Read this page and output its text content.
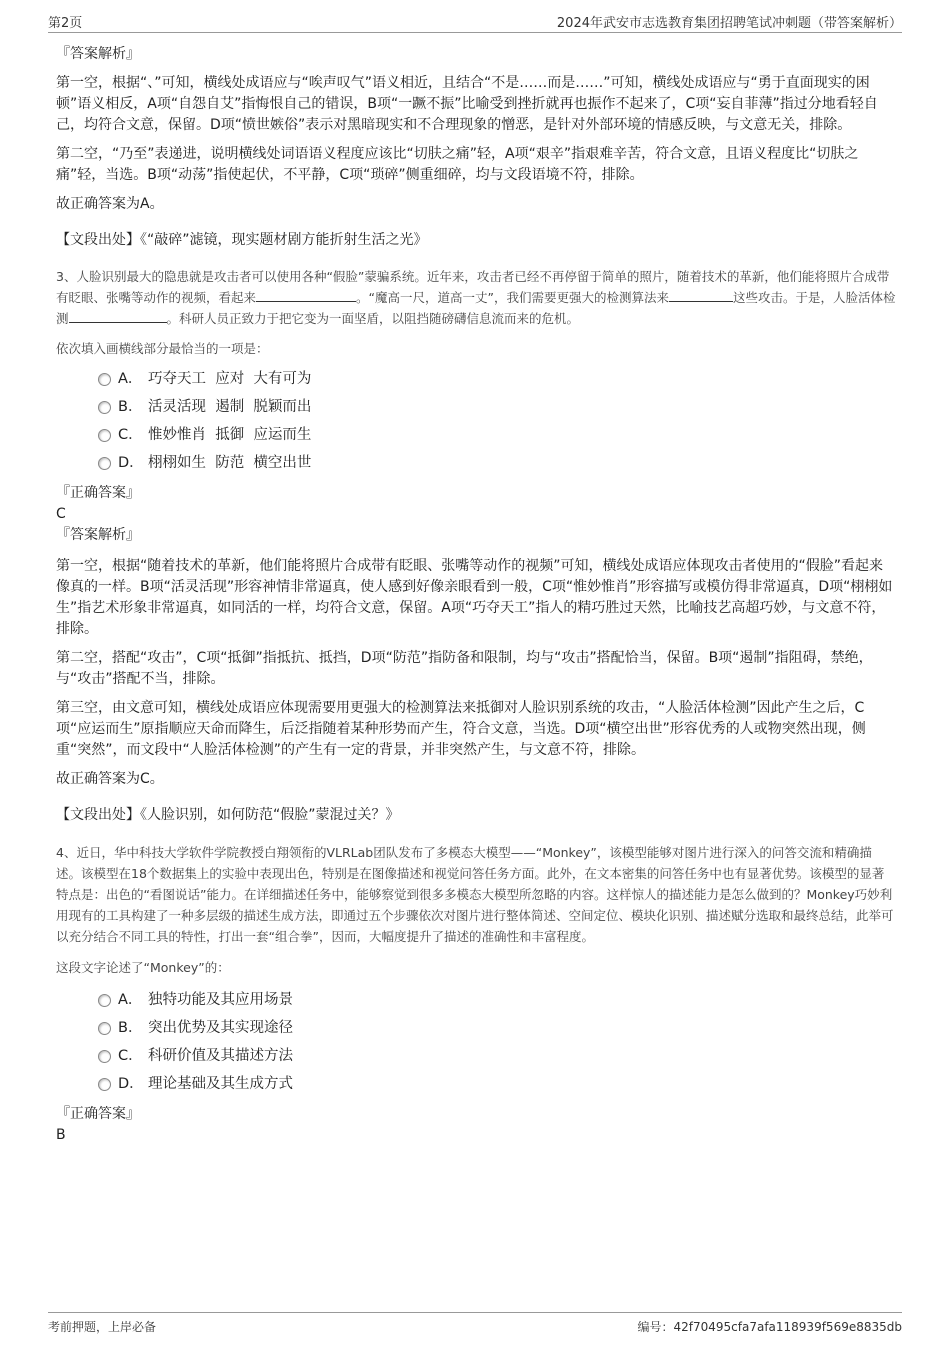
第2页	2024年武安市志选教育集团招聘笔试冲刺题（带答案解析）

『答案解析』

第一空，根据“、”可知，横线处成语应与“唉声叹气”语义相近，且结合“不是……而是……”可知，横线处成语应与“勇于直面现实的困顿”语义相反，A项“自怨自艾”指悔恨自己的错误，B项“一蹶不振”比喻受到挫折就再也振作不起来了，C项“妄自菲薄”指过分地看轻自己，均符合文意，保留。D项“愤世嫉俗”表示对黑暗现实和不合理现象的憎恶，是针对外部环境的情感反映，与文意无关，排除。

第二空，“乃至”表递进，说明横线处词语语义程度应该比“切肤之痛”轻，A项“艰辛”指艰难辛苦，符合文意，且语义程度比“切肤之痛”轻，当选。B项“动荡”指使起伏，不平静，C项“琐碎”侧重细碎，均与文段语境不符，排除。

故正确答案为A。

【文段出处】《“敲碎”滤镜，现实题材剧方能折射生活之光》

3、人脸识别最大的隐患就是攻击者可以使用各种“假脸”蒙骗系统。近年来，攻击者已经不再停留于简单的照片，随着技术的革新，他们能将照片合成带有眨眼、张嘴等动作的视频，看起来	。“魔高一尺，道高一丈”，我们需要更强大的检测算法来	这些攻击。于是，人脸活体检测	。科研人员正致力于把它变为一面坚盾，以阻挡随磅礴信息流而来的危机。

依次填入画横线部分最恰当的一项是：

A． 巧夺天工  应对  大有可为
B． 活灵活现  遏制  脱颖而出
C． 惟妙惟肖  抵御  应运而生
D． 栩栩如生  防范  横空出世

『正确答案』

C

『答案解析』

第一空，根据“随着技术的革新，他们能将照片合成带有眨眼、张嘴等动作的视频”可知，横线处成语应体现攻击者使用的“假脸”看起来像真的一样。B项“活灵活现”形容神情非常逼真，使人感到好像亲眼看到一般，C项“惟妙惟肖”形容描写或模仿得非常逼真，D项“栩栩如生”指艺术形象非常逼真，如同活的一样，均符合文意，保留。A项“巧夺天工”指人的精巧胜过天然，比喻技艺高超巧妙，与文意不符，排除。

第二空，搭配“攻击”，C项“抵御”指抵抗、抵挡，D项“防范”指防备和限制，均与“攻击”搭配恰当，保留。B项“遏制”指阻碍，禁绝，与“攻击”搭配不当，排除。

第三空，由文意可知，横线处成语应体现需要用更强大的检测算法来抵御对人脸识别系统的攻击，“人脸活体检测”因此产生之后，C项“应运而生”原指顺应天命而降生，后泛指随着某种形势而产生，符合文意，当选。D项“横空出世”形容优秀的人或物突然出现，侧重“突然”，而文段中“人脸活体检测”的产生有一定的背景，并非突然产生，与文意不符，排除。

故正确答案为C。

【文段出处】《人脸识别，如何防范“假脸”蒙混过关？》

4、近日，华中科技大学软件学院教授白翔领衔的VLRLab团队发布了多模态大模型——“Monkey”，该模型能够对图片进行深入的问答交流和精确描述。该模型在18个数据集上的实验中表现出色，特别是在图像描述和视觉问答任务方面。此外，在文本密集的问答任务中也有显著优势。该模型的显著特点是：出色的“看图说话”能力。在详细描述任务中，能够察觉到很多多模态大模型所忽略的内容。这样惊人的描述能力是怎么做到的？Monkey巧妙利用现有的工具构建了一种多层级的描述生成方法，即通过五个步骤依次对图片进行整体简述、空间定位、模块化识别、描述赋分选取和最终总结，此举可以充分结合不同工具的特性，打出一套“组合拳”，因而，大幅度提升了描述的准确性和丰富程度。

这段文字论述了“Monkey”的：

A． 独特功能及其应用场景
B． 突出优势及其实现途径
C． 科研价值及其描述方法
D． 理论基础及其生成方式

『正确答案』

B

考前押题，上岸必备	编号：42f70495cfa7afa118939f569e8835db
